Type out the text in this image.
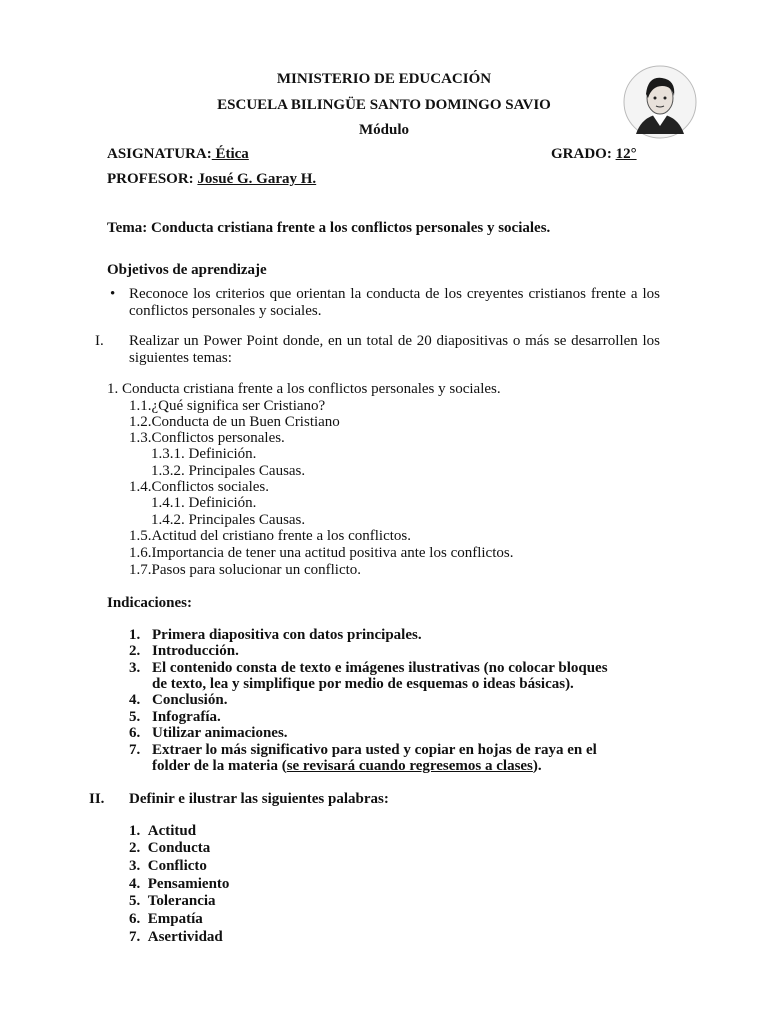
MINISTERIO DE EDUCACIÓN
ESCUELA BILINGÜE SANTO DOMINGO SAVIO
Módulo
ASIGNATURA: Ética	GRADO: 12°
PROFESOR: Josué G. Garay H.
Tema: Conducta cristiana frente a los conflictos personales y sociales.
Objetivos de aprendizaje
• Reconoce los criterios que orientan la conducta de los creyentes cristianos frente a los conflictos personales y sociales.
I. Realizar un Power Point donde, en un total de 20 diapositivas o más se desarrollen los siguientes temas:
1. Conducta cristiana frente a los conflictos personales y sociales.
1.1.¿Qué significa ser Cristiano?
1.2.Conducta de un Buen Cristiano
1.3.Conflictos personales.
1.3.1. Definición.
1.3.2. Principales Causas.
1.4.Conflictos sociales.
1.4.1. Definición.
1.4.2. Principales Causas.
1.5.Actitud del cristiano frente a los conflictos.
1.6.Importancia de tener una actitud positiva ante los conflictos.
1.7.Pasos para solucionar un conflicto.
Indicaciones:
1. Primera diapositiva con datos principales.
2. Introducción.
3. El contenido consta de texto e imágenes ilustrativas (no colocar bloques
de texto, lea y simplifique por medio de esquemas o ideas básicas).
4. Conclusión.
5. Infografía.
6. Utilizar animaciones.
7. Extraer lo más significativo para usted y copiar en hojas de raya en el
folder de la materia (se revisará cuando regresemos a clases).
II. Definir e ilustrar las siguientes palabras:
1. Actitud
2. Conducta
3. Conflicto
4. Pensamiento
5. Tolerancia
6. Empatía
7. Asertividad
